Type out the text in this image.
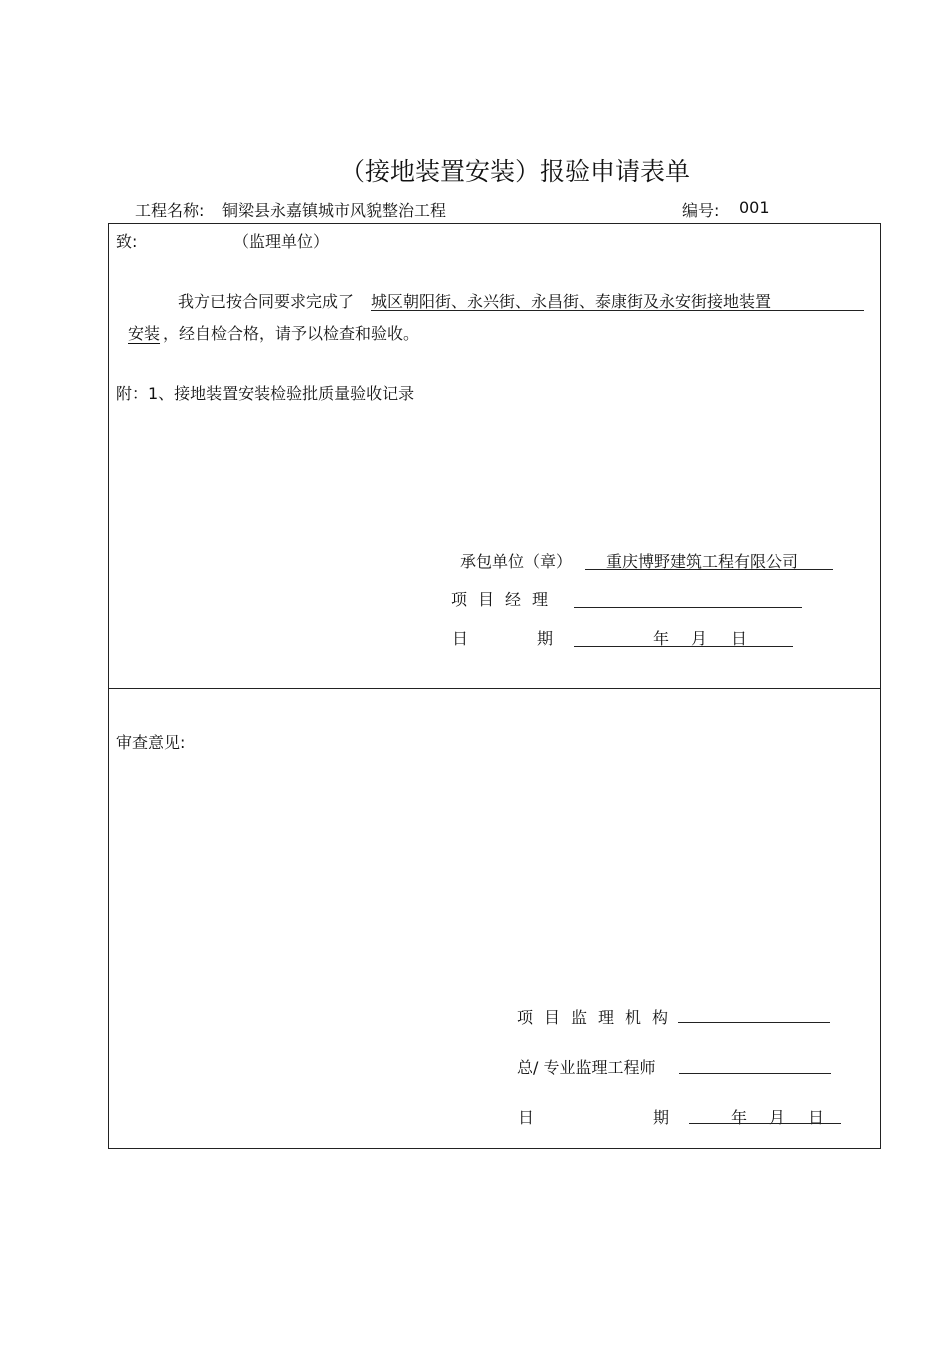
（接地装置安装）报验申请表单
工程名称: 铜梁县永嘉镇城市风貌整治工程	编号: 001
致:	（监理单位）
我方已按合同要求完成了 城区朝阳街、永兴街、永昌街、泰康街及永安街接地装置
安装 ，经自检合格，请予以检查和验收。
附：1、接地装置安装检验批质量验收记录
承包单位（章） 重庆博野建筑工程有限公司
项目经理
日	期	年 月 日
审查意见:
项目监理机构
总/ 专业监理工程师
日	期	年 月 日
